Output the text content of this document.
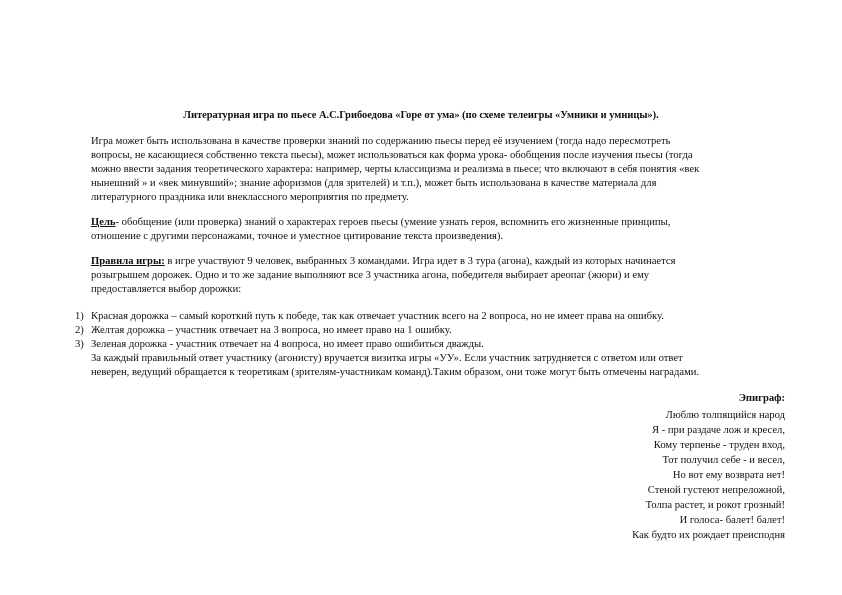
Литературная игра по пьесе А.С.Грибоедова «Горе от ума» (по схеме телеигры «Умники и умницы»).
Игра может быть использована в качестве проверки знаний по содержанию пьесы перед её изучением (тогда надо пересмотреть
вопросы, не касающиеся собственно текста пьесы), может использоваться как форма урока- обобщения после изучения пьесы (тогда
можно ввести задания теоретического характера: например, черты классицизма и реализма в пьесе; что включают в себя понятия «век
нынешний » и «век минувший»; знание афоризмов (для зрителей) и т.п.), может быть использована в качестве материала для
литературного праздника или внеклассного мероприятия по предмету.
Цель- обобщение (или проверка) знаний о характерах героев пьесы (умение узнать героя, вспомнить его жизненные принципы,
отношение с другими персонажами, точное и уместное цитирование текста произведения).
Правила игры: в игре участвуют 9 человек, выбранных 3 командами. Игра идет в 3 тура (агона), каждый из которых начинается
розыгрышем дорожек. Одно и то же задание выполняют все 3 участника агона, победителя выбирает ареопаг (жюри) и ему
предоставляется выбор дорожки:
1) Красная дорожка – самый короткий путь к победе, так как отвечает участник всего на 2 вопроса, но не имеет права на ошибку.
2) Желтая дорожка – участник отвечает на 3 вопроса, но имеет право на 1 ошибку.
3) Зеленая дорожка - участник отвечает на 4 вопроса, но имеет право ошибиться дважды.
За каждый правильный ответ участнику (агонисту) вручается визитка игры «УУ». Если участник затрудняется с ответом или ответ
неверен, ведущий обращается к теоретикам (зрителям-участникам команд).Таким образом, они тоже могут быть отмечены наградами.
Эпиграф:
Люблю толпящийся народ
Я - при раздаче лож и кресел,
Кому терпенье - труден вход,
Тот получил себе - и весел,
Но вот ему возврата нет!
Стеной густеют непреложной,
Толпа растет, и рокот грозный!
И голоса- балет! балет!
Как будто их рождает преисподня
